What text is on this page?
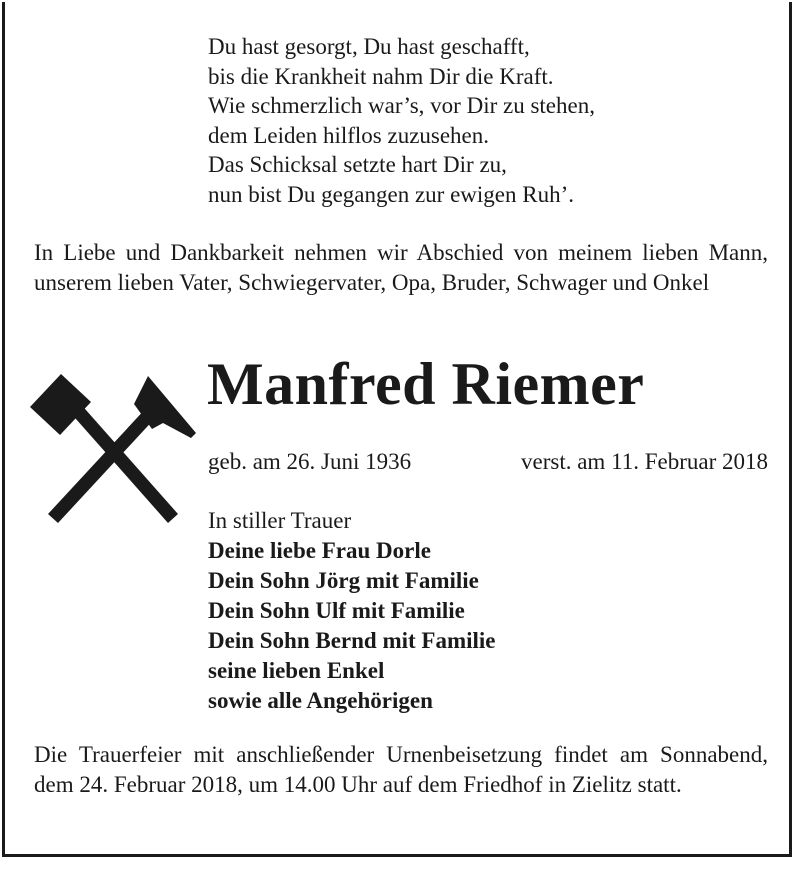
Du hast gesorgt, Du hast geschafft,
bis die Krankheit nahm Dir die Kraft.
Wie schmerzlich war’s, vor Dir zu stehen,
dem Leiden hilflos zuzusehen.
Das Schicksal setzte hart Dir zu,
nun bist Du gegangen zur ewigen Ruh’.
In Liebe und Dankbarkeit nehmen wir Abschied von meinem lieben Mann, unserem lieben Vater, Schwiegervater, Opa, Bruder, Schwager und Onkel
Manfred Riemer
geb. am 26. Juni 1936	verst. am 11. Februar 2018
In stiller Trauer
Deine liebe Frau Dorle
Dein Sohn Jörg mit Familie
Dein Sohn Ulf mit Familie
Dein Sohn Bernd mit Familie
seine lieben Enkel
sowie alle Angehörigen
Die Trauerfeier mit anschließender Urnenbeisetzung findet am Sonnabend, dem 24. Februar 2018, um 14.00 Uhr auf dem Friedhof in Zielitz statt.
